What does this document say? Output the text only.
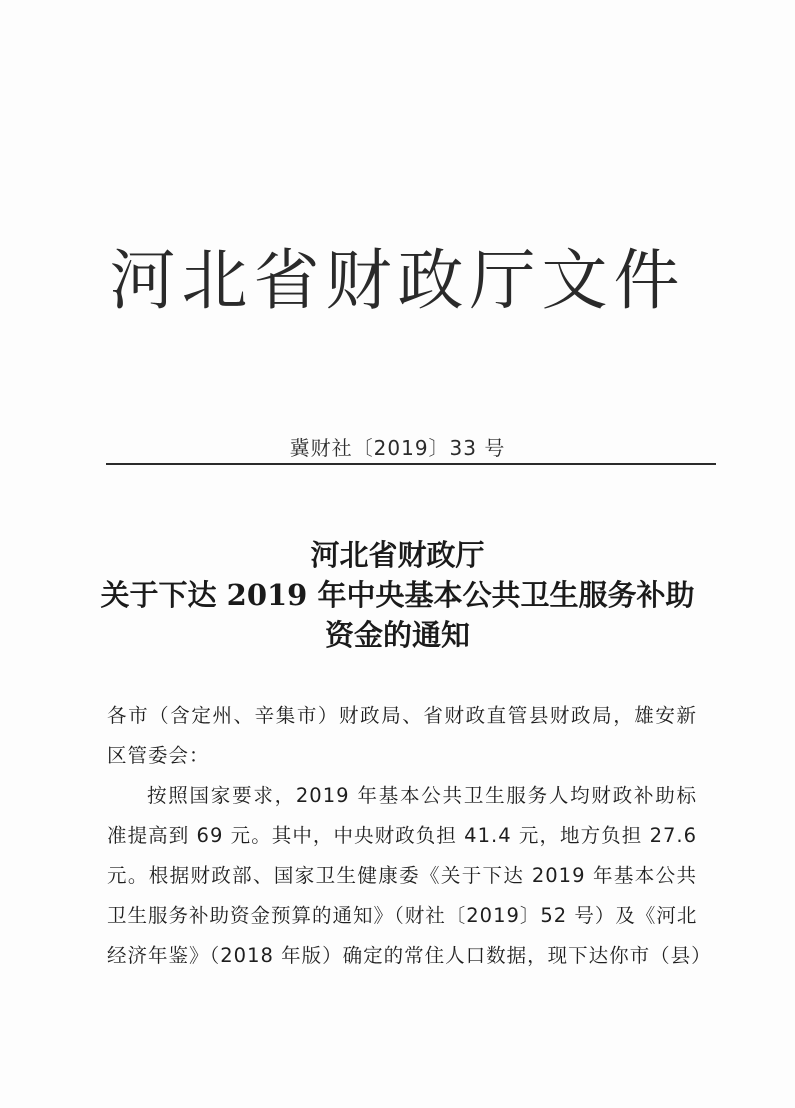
河北省财政厅文件
冀财社〔2019〕33 号
河北省财政厅
关于下达 2019 年中央基本公共卫生服务补助
资金的通知
各市（含定州、辛集市）财政局、省财政直管县财政局，雄安新
区管委会：
按照国家要求，2019 年基本公共卫生服务人均财政补助标
准提高到 69 元。其中，中央财政负担 41.4 元，地方负担 27.6
元。根据财政部、国家卫生健康委《关于下达 2019 年基本公共
卫生服务补助资金预算的通知》（财社〔2019〕52 号）及《河北
经济年鉴》（2018 年版）确定的常住人口数据，现下达你市（县）
